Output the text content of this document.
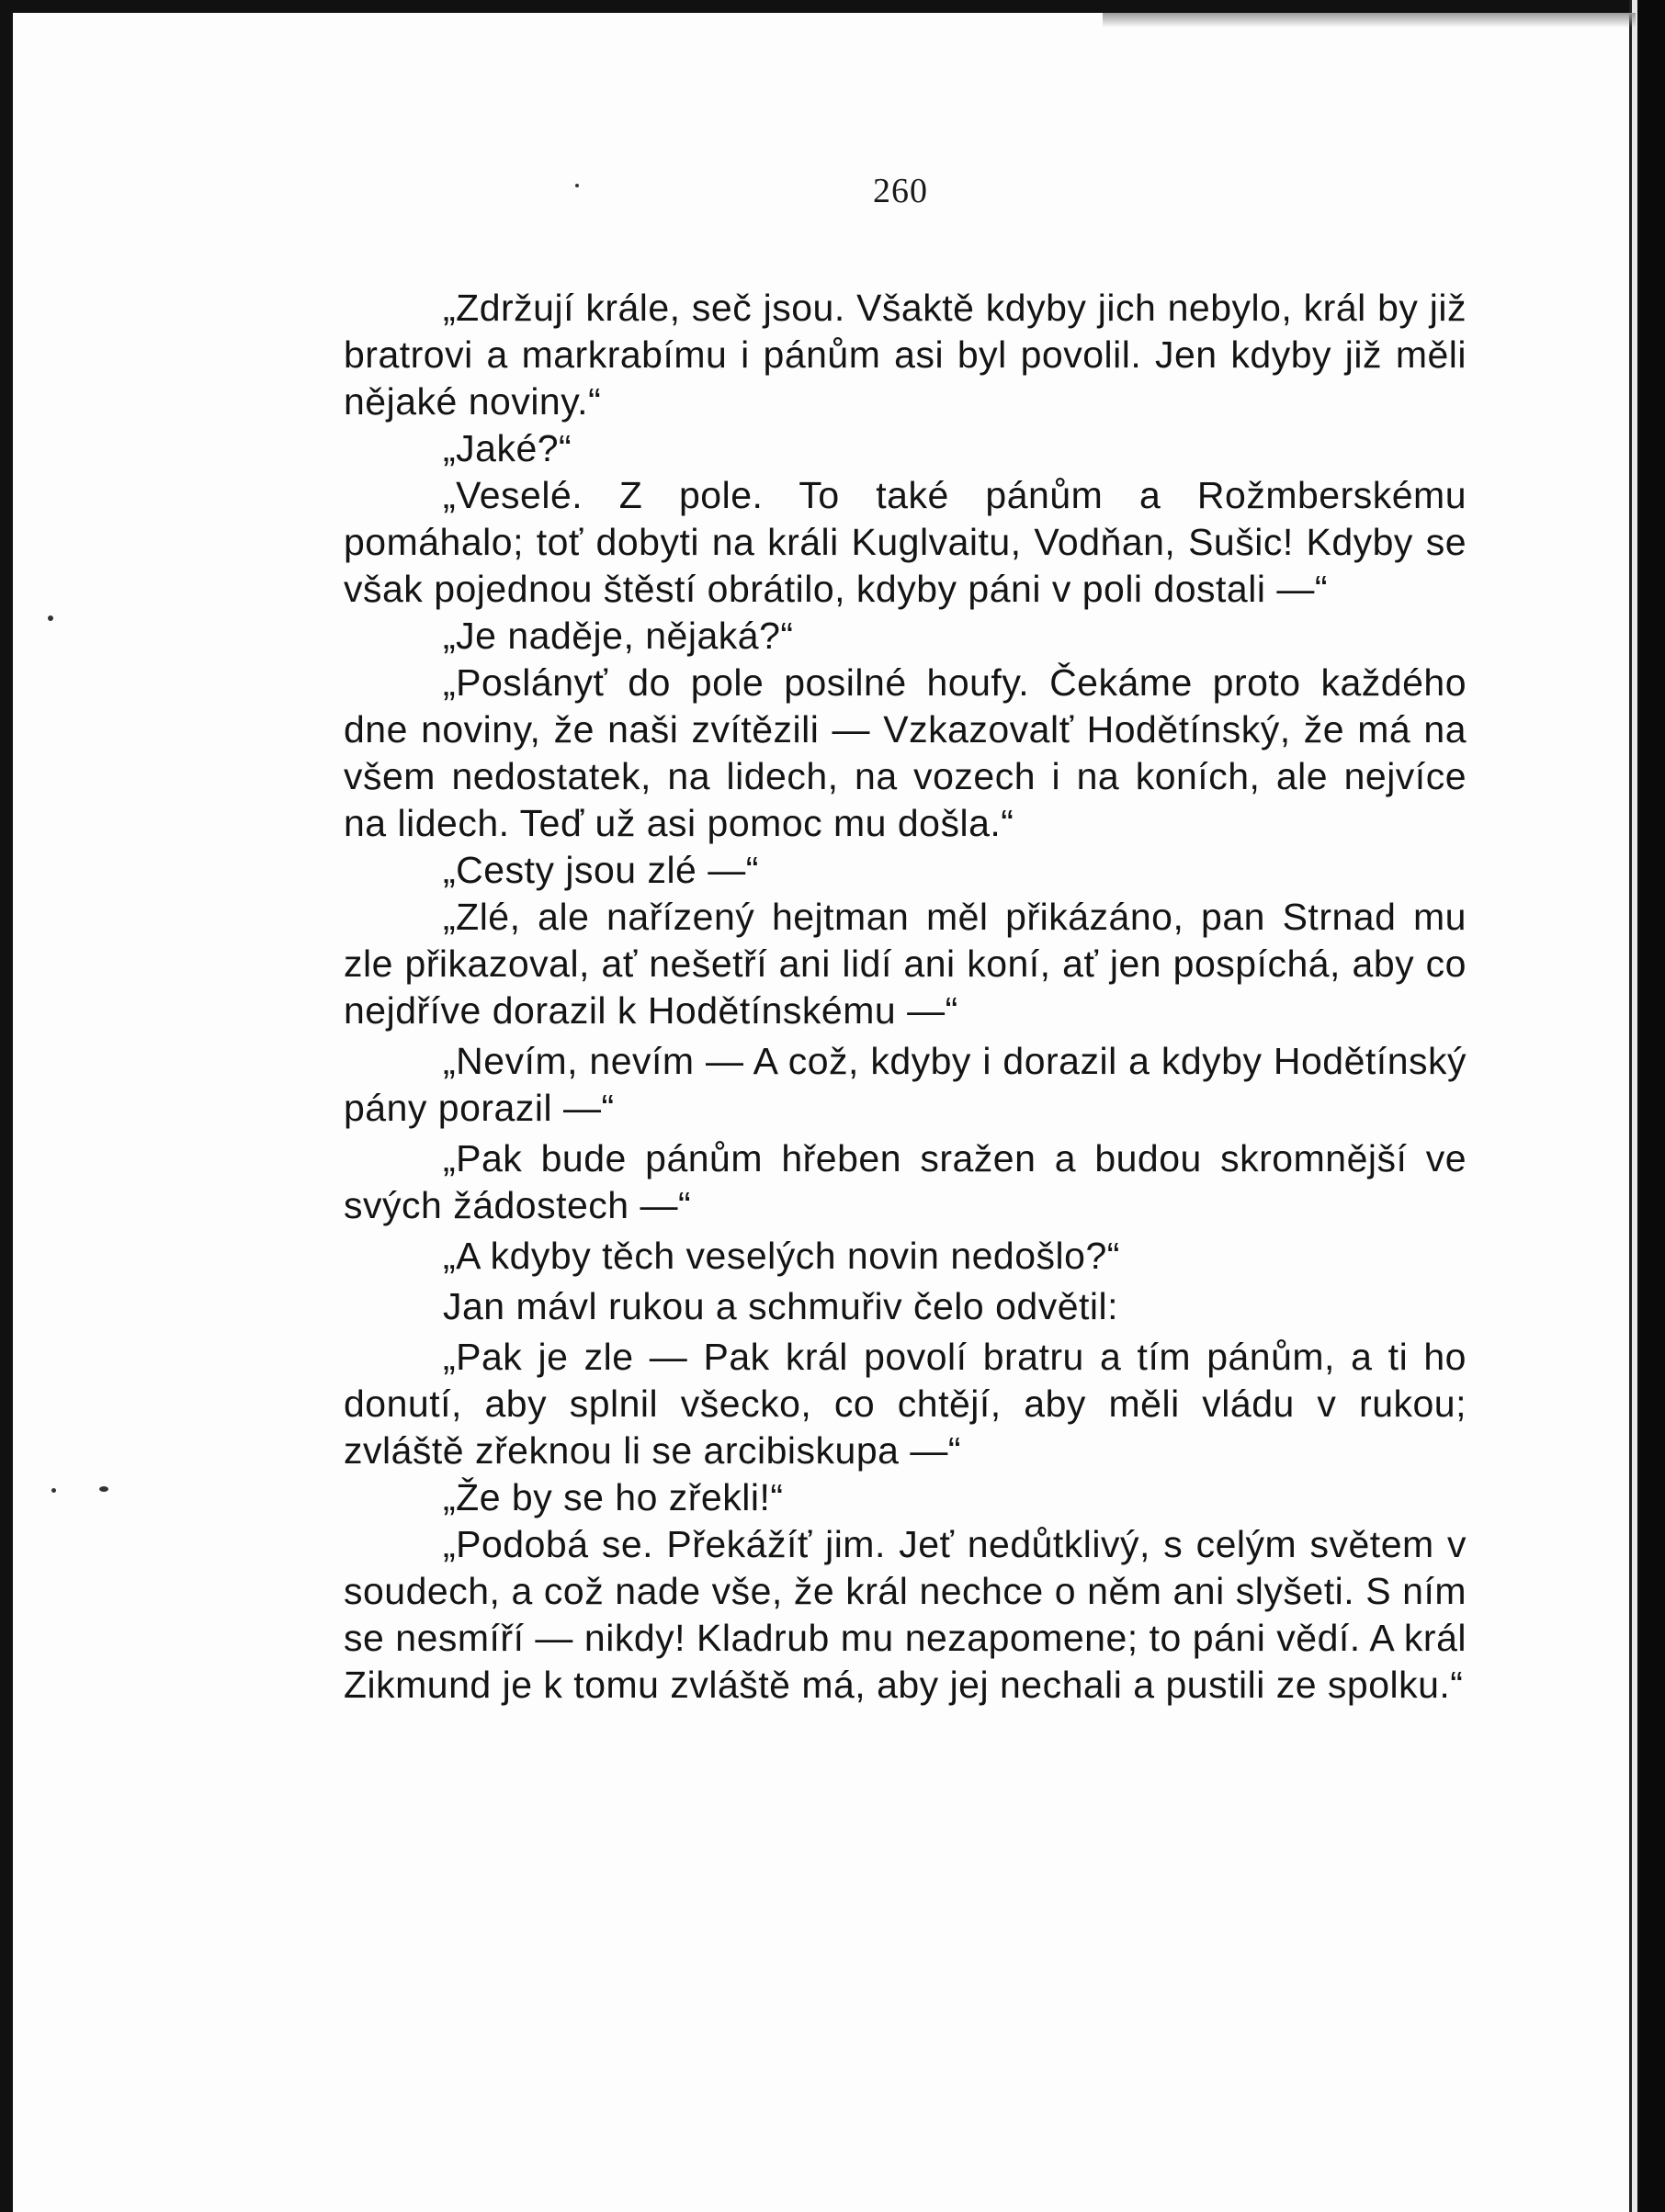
260

„Zdržují krále, seč jsou. Všaktě kdyby jich nebylo, král by již bratrovi a markrabímu i pánům asi byl povolil. Jen kdyby již měli nějaké noviny.“

„Jaké?“

„Veselé. Z pole. To také pánům a Rožmberskému pomáhalo; toť dobyti na králi Kuglvaitu, Vodňan, Sušic! Kdyby se však pojednou štěstí obrátilo, kdyby páni v poli dostali —“

„Je naděje, nějaká?“

„Poslányť do pole posilné houfy. Čekáme proto každého dne noviny, že naši zvítězili — Vzkazovalť Hodětínský, že má na všem nedostatek, na lidech, na vozech i na koních, ale nejvíce na lidech. Teď už asi pomoc mu došla.“

„Cesty jsou zlé —“

„Zlé, ale nařízený hejtman měl přikázáno, pan Strnad mu zle přikazoval, ať nešetří ani lidí ani koní, ať jen pospíchá, aby co nejdříve dorazil k Hodětínskému —“

„Nevím, nevím — A což, kdyby i dorazil a kdyby Hodětínský pány porazil —“

„Pak bude pánům hřeben sražen a budou skromnější ve svých žádostech —“

„A kdyby těch veselých novin nedošlo?“

Jan mávl rukou a schmuřiv čelo odvětil:

„Pak je zle — Pak král povolí bratru a tím pánům, a ti ho donutí, aby splnil všecko, co chtějí, aby měli vládu v rukou; zvláště zřeknou li se arcibiskupa —“

„Že by se ho zřekli!“

„Podobá se. Překážíť jim. Jeť nedůtklivý, s celým světem v soudech, a což nade vše, že král nechce o něm ani slyšeti. S ním se nesmíří — nikdy! Kladrub mu nezapomene; to páni vědí. A král Zikmund je k tomu zvláště má, aby jej nechali a pustili ze spolku.“
